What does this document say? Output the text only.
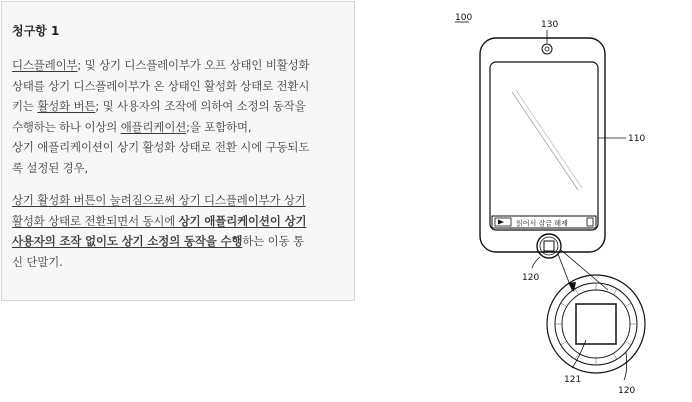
청구항 1
디스플레이부; 및 상기 디스플레이부가 오프 상태인 비활성화
상태를 상기 디스플레이부가 온 상태인 활성화 상태로 전환시
키는 활성화 버튼; 및 사용자의 조작에 의하여 소정의 동작을
수행하는 하나 이상의 애플리케이션;을 포함하며,
상기 애플리케이션이 상기 활성화 상태로 전환 시에 구동되도
록 설정된 경우,
상기 활성화 버튼이 눌려짐으로써 상기 디스플레이부가 상기
활성화 상태로 전환되면서 동시에 상기 애플리케이션이 상기
사용자의 조작 없이도 상기 소정의 동작을 수행하는 이동 통
신 단말기.
100
130
읽어서 잠금 해제
110
120
121
120
